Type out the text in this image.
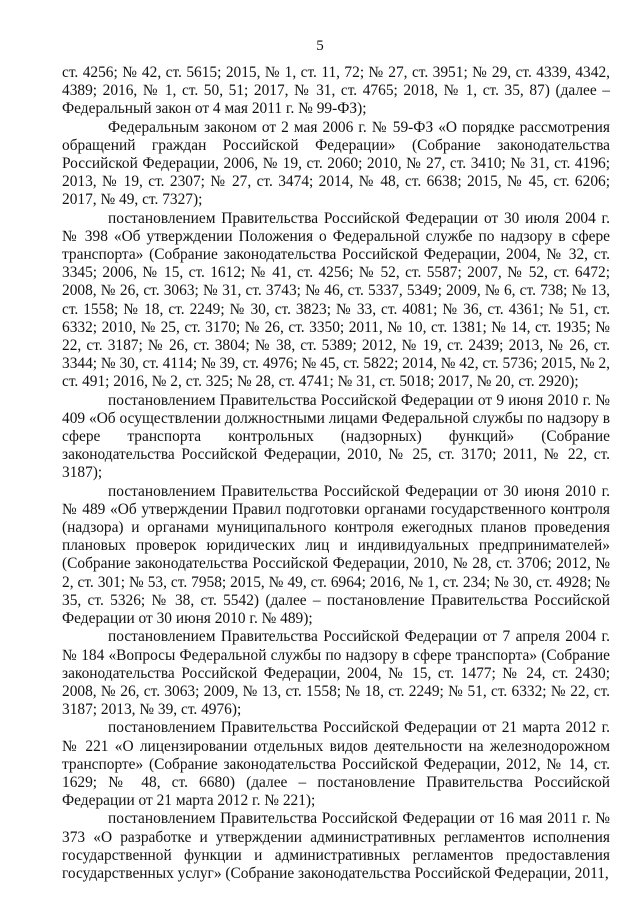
5

ст. 4256; № 42, ст. 5615; 2015, № 1, ст. 11, 72; № 27, ст. 3951; № 29, ст. 4339, 4342, 4389; 2016, № 1, ст. 50, 51; 2017, № 31, ст. 4765; 2018, № 1, ст. 35, 87) (далее – Федеральный закон от 4 мая 2011 г. № 99-ФЗ);

Федеральным законом от 2 мая 2006 г. № 59-ФЗ «О порядке рассмотрения обращений граждан Российской Федерации» (Собрание законодательства Российской Федерации, 2006, № 19, ст. 2060; 2010, № 27, ст. 3410; № 31, ст. 4196; 2013, № 19, ст. 2307; № 27, ст. 3474; 2014, № 48, ст. 6638; 2015, № 45, ст. 6206; 2017, № 49, ст. 7327);

постановлением Правительства Российской Федерации от 30 июля 2004 г. № 398 «Об утверждении Положения о Федеральной службе по надзору в сфере транспорта» (Собрание законодательства Российской Федерации, 2004, № 32, ст. 3345; 2006, № 15, ст. 1612; № 41, ст. 4256; № 52, ст. 5587; 2007, № 52, ст. 6472; 2008, № 26, ст. 3063; № 31, ст. 3743; № 46, ст. 5337, 5349; 2009, № 6, ст. 738; № 13, ст. 1558; № 18, ст. 2249; № 30, ст. 3823; № 33, ст. 4081; № 36, ст. 4361; № 51, ст. 6332; 2010, № 25, ст. 3170; № 26, ст. 3350; 2011, № 10, ст. 1381; № 14, ст. 1935; № 22, ст. 3187; № 26, ст. 3804; № 38, ст. 5389; 2012, № 19, ст. 2439; 2013, № 26, ст. 3344; № 30, ст. 4114; № 39, ст. 4976; № 45, ст. 5822; 2014, № 42, ст. 5736; 2015, № 2, ст. 491; 2016, № 2, ст. 325; № 28, ст. 4741; № 31, ст. 5018; 2017, № 20, ст. 2920);

постановлением Правительства Российской Федерации от 9 июня 2010 г. № 409 «Об осуществлении должностными лицами Федеральной службы по надзору в сфере транспорта контрольных (надзорных) функций» (Собрание законодательства Российской Федерации, 2010, № 25, ст. 3170; 2011, № 22, ст. 3187);

постановлением Правительства Российской Федерации от 30 июня 2010 г. № 489 «Об утверждении Правил подготовки органами государственного контроля (надзора) и органами муниципального контроля ежегодных планов проведения плановых проверок юридических лиц и индивидуальных предпринимателей» (Собрание законодательства Российской Федерации, 2010, № 28, ст. 3706; 2012, № 2, ст. 301; № 53, ст. 7958; 2015, № 49, ст. 6964; 2016, № 1, ст. 234; № 30, ст. 4928; № 35, ст. 5326; № 38, ст. 5542) (далее – постановление Правительства Российской Федерации от 30 июня 2010 г. № 489);

постановлением Правительства Российской Федерации от 7 апреля 2004 г. № 184 «Вопросы Федеральной службы по надзору в сфере транспорта» (Собрание законодательства Российской Федерации, 2004, № 15, ст. 1477; № 24, ст. 2430; 2008, № 26, ст. 3063; 2009, № 13, ст. 1558; № 18, ст. 2249; № 51, ст. 6332; № 22, ст. 3187; 2013, № 39, ст. 4976);

постановлением Правительства Российской Федерации от 21 марта 2012 г. № 221 «О лицензировании отдельных видов деятельности на железнодорожном транспорте» (Собрание законодательства Российской Федерации, 2012, № 14, ст. 1629; № 48, ст. 6680) (далее – постановление Правительства Российской Федерации от 21 марта 2012 г. № 221);

постановлением Правительства Российской Федерации от 16 мая 2011 г. № 373 «О разработке и утверждении административных регламентов исполнения государственной функции и административных регламентов предоставления государственных услуг» (Собрание законодательства Российской Федерации, 2011,
